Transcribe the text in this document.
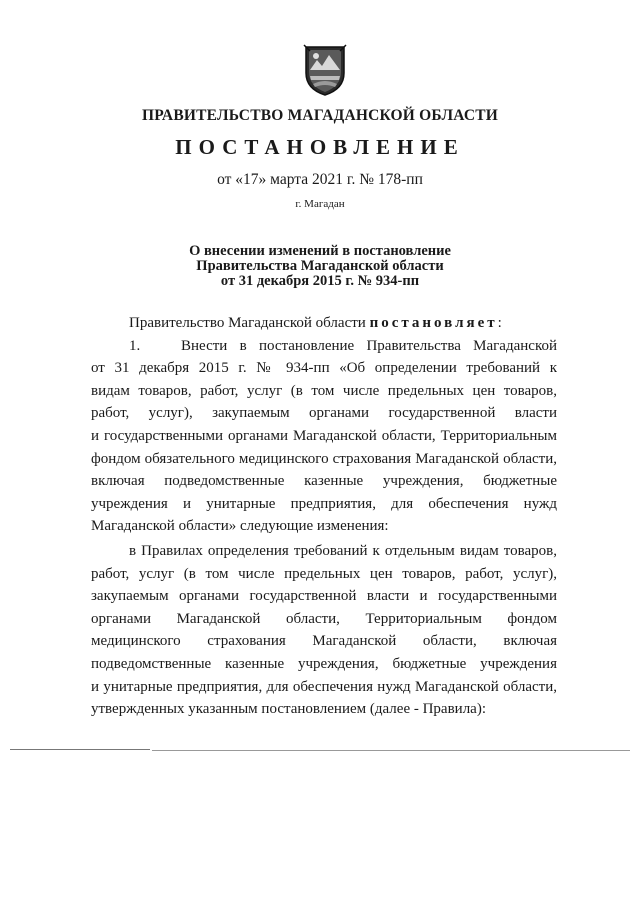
ПРАВИТЕЛЬСТВО МАГАДАНСКОЙ ОБЛАСТИ
ПОСТАНОВЛЕНИЕ
от «17» марта 2021 г. № 178-пп
г. Магадан
О внесении изменений в постановление
Правительства Магаданской области
от 31 декабря 2015 г. № 934-пп
Правительство Магаданской области постановляет:
1.	Внести в постановление Правительства Магаданской
от 31 декабря 2015 г. № 934-пп «Об определении требований к
видам товаров, работ, услуг (в том числе предельных цен товаров,
работ, услуг), закупаемым органами государственной власти
и государственными органами Магаданской области, Территориальным
фондом обязательного медицинского страхования Магаданской области,
включая подведомственные казенные учреждения, бюджетные
учреждения и унитарные предприятия, для обеспечения нужд
Магаданской области» следующие изменения:
в Правилах определения требований к отдельным видам товаров,
работ, услуг (в том числе предельных цен товаров, работ, услуг),
закупаемым органами государственной власти и государственными
органами Магаданской области, Территориальным фондом
медицинского страхования Магаданской области, включая
подведомственные казенные учреждения, бюджетные учреждения
и унитарные предприятия, для обеспечения нужд Магаданской области,
утвержденных указанным постановлением (далее - Правила):
